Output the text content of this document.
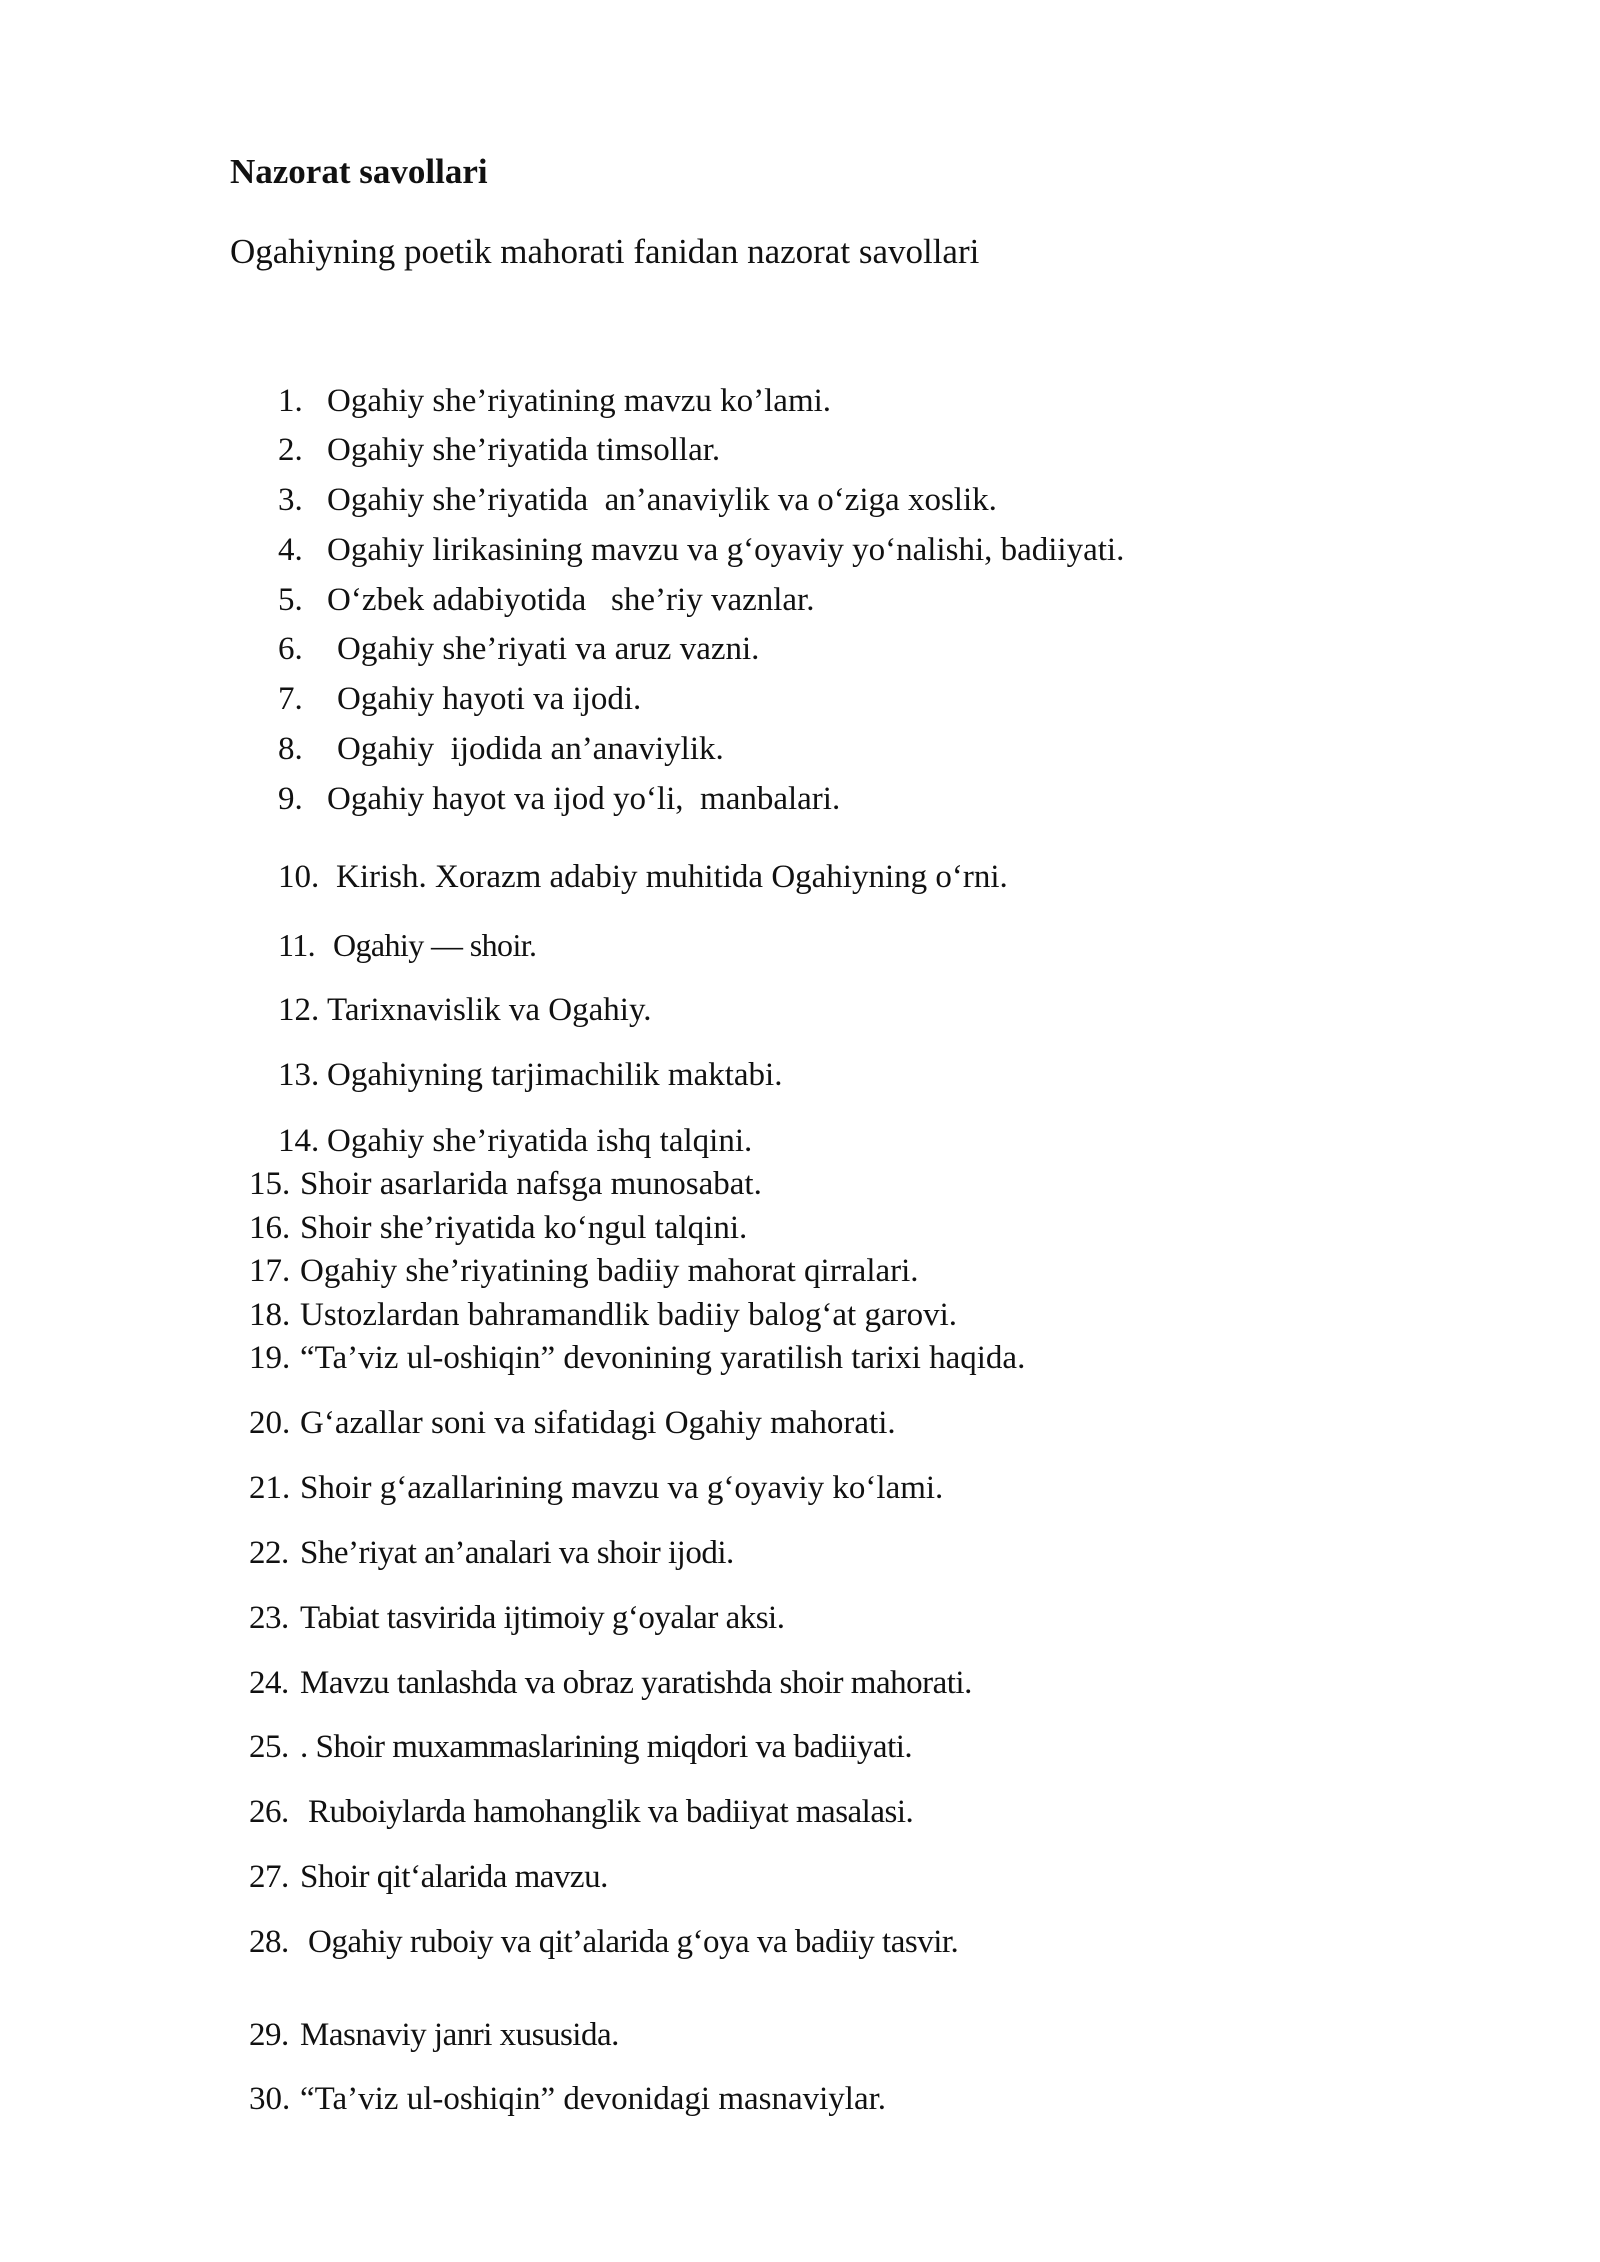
Nazorat savollari
Ogahiyning poetik mahorati fanidan nazorat savollari
1. Ogahiy she’riyatining mavzu ko’lami.
2. Ogahiy she’riyatida timsollar.
3. Ogahiy she’riyatida  an’anaviylik va o‘ziga xoslik.
4. Ogahiy lirikasining mavzu va g‘oyaviy yo‘nalishi, badiiyati.
5. O‘zbek adabiyotida   she’riy vaznlar.
6. Ogahiy she’riyati va aruz vazni.
7. Ogahiy hayoti va ijodi.
8. Ogahiy  ijodida an’anaviylik.
9. Ogahiy hayot va ijod yo‘li,  manbalari.
10. Kirish. Xorazm adabiy muhitida Ogahiyning o‘rni.
11. Ogahiy — shoir.
12. Tarixnavislik va Ogahiy.
13. Ogahiyning tarjimachilik maktabi.
14. Ogahiy she’riyatida ishq talqini.
15. Shoir asarlarida nafsga munosabat.
16. Shoir she’riyatida ko‘ngul talqini.
17. Ogahiy she’riyatining badiiy mahorat qirralari.
18. Ustozlardan bahramandlik badiiy balog‘at garovi.
19. “Ta’viz ul-oshiqin” devonining yaratilish tarixi haqida.
20. G‘azallar soni va sifatidagi Ogahiy mahorati.
21. Shoir g‘azallarining mavzu va g‘oyaviy ko‘lami.
22. She’riyat an’analari va shoir ijodi.
23. Tabiat tasvirida ijtimoiy g‘oyalar aksi.
24. Mavzu tanlashda va obraz yaratishda shoir mahorati.
25. . Shoir muxammaslarining miqdori va badiiyati.
26. Ruboiylarda hamohanglik va badiiyat masalasi.
27. Shoir qit‘alarida mavzu.
28. Ogahiy ruboiy va qit’alarida g‘oya va badiiy tasvir.
29. Masnaviy janri xususida.
30. “Ta’viz ul-oshiqin” devonidagi masnaviylar.
